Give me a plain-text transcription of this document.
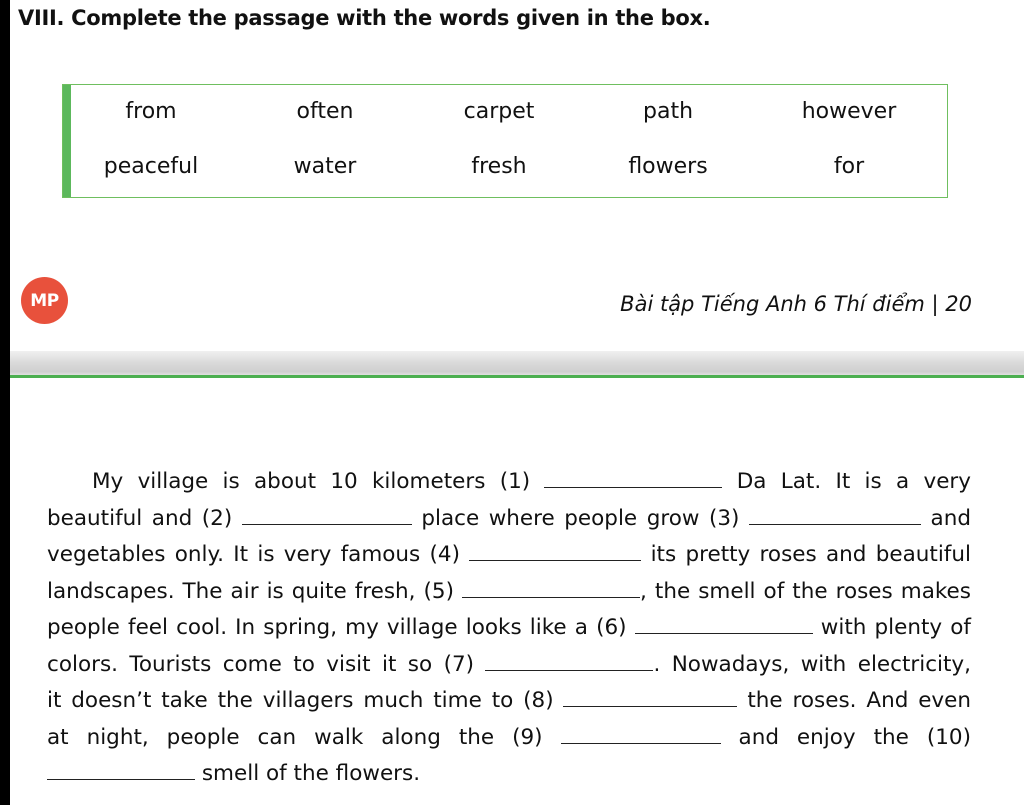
VIII. Complete the passage with the words given in the box.
from	often	carpet	path	however
peaceful	water	fresh	flowers	for
MP	Bài tập Tiếng Anh 6 Thí điểm | 20
My village is about 10 kilometers (1)	Da Lat. It is a very
beautiful and (2)	place where people grow (3)	and
vegetables only. It is very famous (4)	its pretty roses and beautiful
landscapes. The air is quite fresh, (5)	, the smell of the roses makes
people feel cool. In spring, my village looks like a (6)	with plenty of
colors. Tourists come to visit it so (7)	. Nowadays, with electricity,
it doesn’t take the villagers much time to (8)	the roses. And even
at night, people can walk along the (9)	and enjoy the (10)
smell of the flowers.
